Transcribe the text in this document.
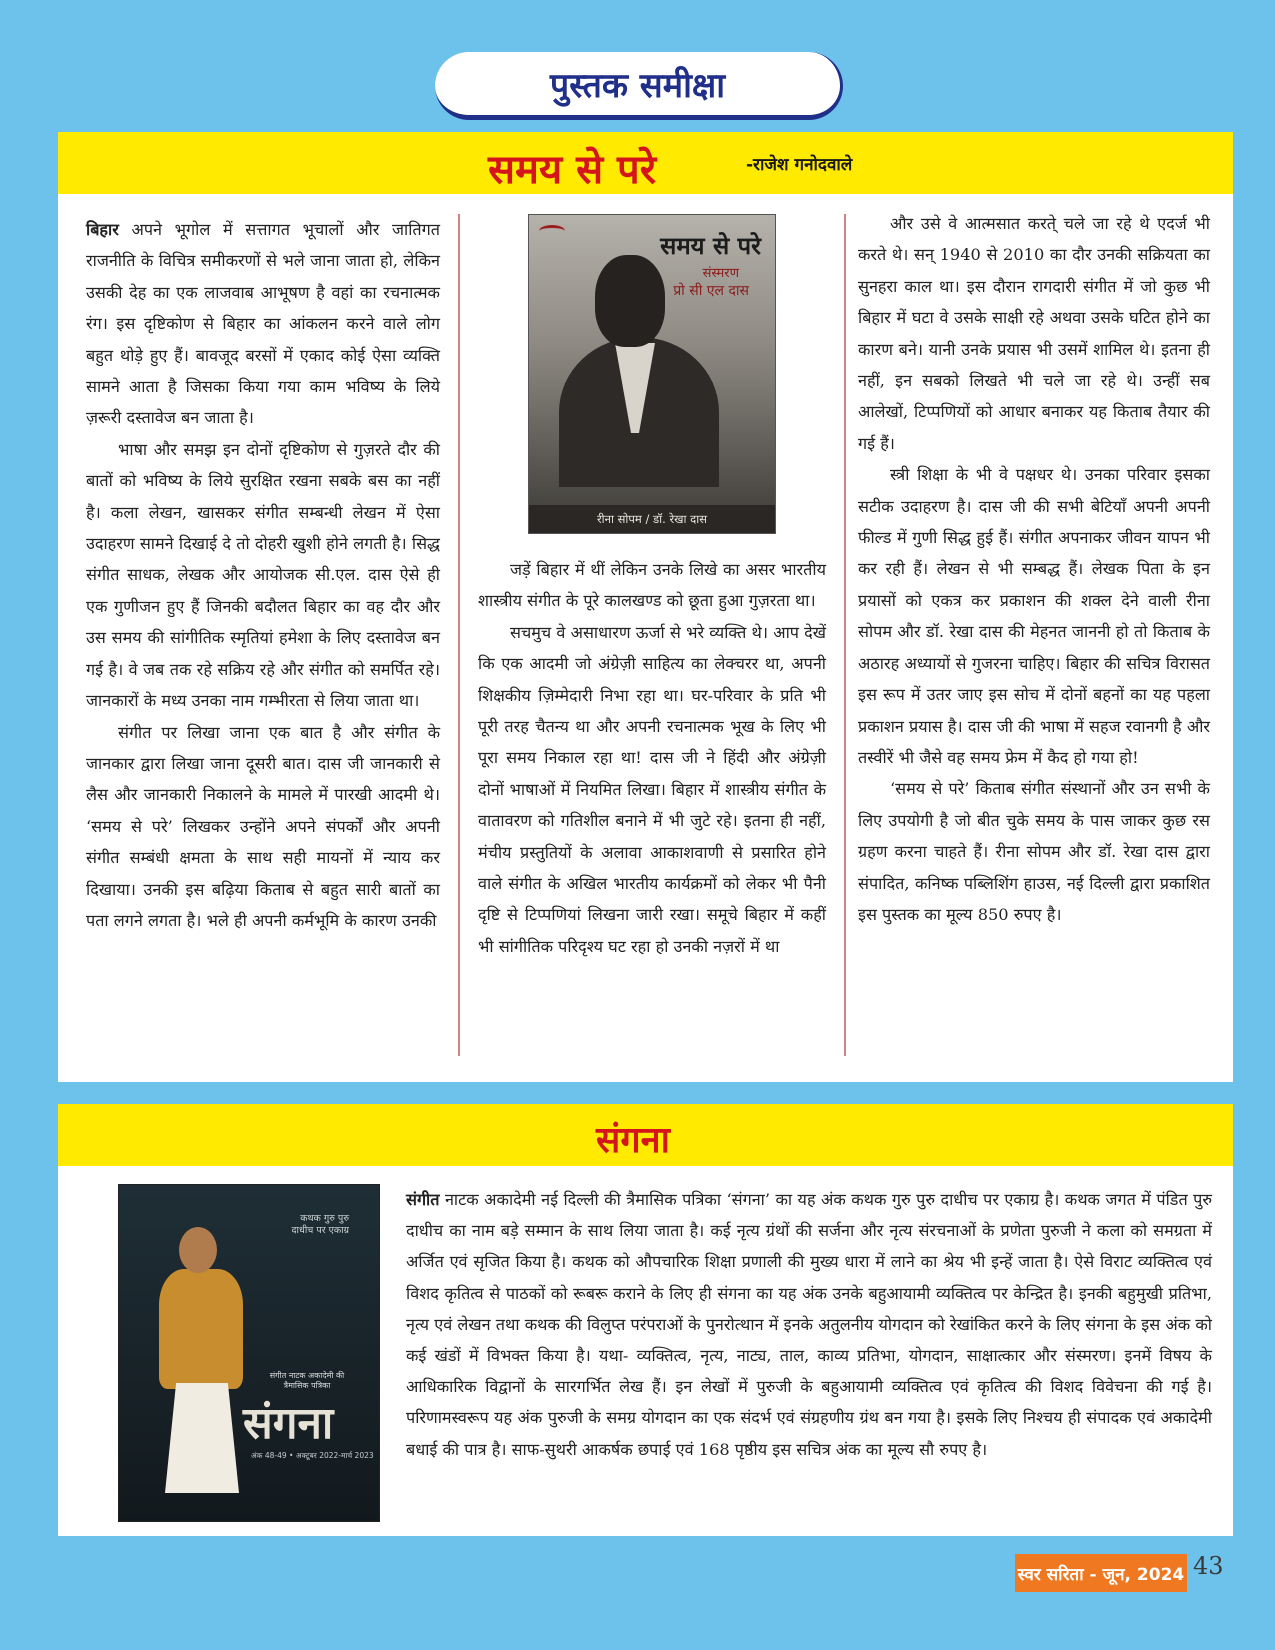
पुस्तक समीक्षा
समय से परे	-राजेश गनोदवाले

बिहार अपने भूगोल में सत्तागत भूचालों और जातिगत राजनीति के विचित्र समीकरणों से भले जाना जाता हो, लेकिन उसकी देह का एक लाजवाब आभूषण है वहां का रचनात्मक रंग। इस दृष्टिकोण से बिहार का आंकलन करने वाले लोग बहुत थोड़े हुए हैं। बावजूद बरसों में एकाद कोई ऐसा व्यक्ति सामने आता है जिसका किया गया काम भविष्य के लिये ज़रूरी दस्तावेज बन जाता है।

भाषा और समझ इन दोनों दृष्टिकोण से गुज़रते दौर की बातों को भविष्य के लिये सुरक्षित रखना सबके बस का नहीं है। कला लेखन, खासकर संगीत सम्बन्धी लेखन में ऐसा उदाहरण सामने दिखाई दे तो दोहरी खुशी होने लगती है। सिद्ध संगीत साधक, लेखक और आयोजक सी.एल. दास ऐसे ही एक गुणीजन हुए हैं जिनकी बदौलत बिहार का वह दौर और उस समय की सांगीतिक स्मृतियां हमेशा के लिए दस्तावेज बन गई है। वे जब तक रहे सक्रिय रहे और संगीत को समर्पित रहे। जानकारों के मध्य उनका नाम गम्भीरता से लिया जाता था।

संगीत पर लिखा जाना एक बात है और संगीत के जानकार द्वारा लिखा जाना दूसरी बात। दास जी जानकारी से लैस और जानकारी निकालने के मामले में पारखी आदमी थे। ‘समय से परे’ लिखकर उन्होंने अपने संपर्कों और अपनी संगीत सम्बंधी क्षमता के साथ सही मायनों में न्याय कर दिखाया। उनकी इस बढ़िया किताब से बहुत सारी बातों का पता लगने लगता है। भले ही अपनी कर्मभूमि के कारण उनकी

समय से परे
संस्मरण
प्रो सी एल दास
रीना सोपम / डॉ. रेखा दास

जड़ें बिहार में थीं लेकिन उनके लिखे का असर भारतीय शास्त्रीय संगीत के पूरे कालखण्ड को छूता हुआ गुज़रता था।

सचमुच वे असाधारण ऊर्जा से भरे व्यक्ति थे। आप देखें कि एक आदमी जो अंग्रेज़ी साहित्य का लेक्चरर था, अपनी शिक्षकीय ज़िम्मेदारी निभा रहा था। घर-परिवार के प्रति भी पूरी तरह चैतन्य था और अपनी रचनात्मक भूख के लिए भी पूरा समय निकाल रहा था! दास जी ने हिंदी और अंग्रेज़ी दोनों भाषाओं में नियमित लिखा। बिहार में शास्त्रीय संगीत के वातावरण को गतिशील बनाने में भी जुटे रहे। इतना ही नहीं, मंचीय प्रस्तुतियों के अलावा आकाशवाणी से प्रसारित होने वाले संगीत के अखिल भारतीय कार्यक्रमों को लेकर भी पैनी दृष्टि से टिप्पणियां लिखना जारी रखा। समूचे बिहार में कहीं भी सांगीतिक परिदृश्य घट रहा हो उनकी नज़रों में था

और उसे वे आत्मसात करते् चले जा रहे थे एदर्ज भी करते थे। सन् 1940 से 2010 का दौर उनकी सक्रियता का सुनहरा काल था। इस दौरान रागदारी संगीत में जो कुछ भी बिहार में घटा वे उसके साक्षी रहे अथवा उसके घटित होने का कारण बने। यानी उनके प्रयास भी उसमें शामिल थे। इतना ही नहीं, इन सबको लिखते भी चले जा रहे थे। उन्हीं सब आलेखों, टिप्पणियों को आधार बनाकर यह किताब तैयार की गई हैं।

स्त्री शिक्षा के भी वे पक्षधर थे। उनका परिवार इसका सटीक उदाहरण है। दास जी की सभी बेटियाँ अपनी अपनी फील्ड में गुणी सिद्ध हुई हैं। संगीत अपनाकर जीवन यापन भी कर रही हैं। लेखन से भी सम्बद्ध हैं। लेखक पिता के इन प्रयासों को एकत्र कर प्रकाशन की शक्ल देने वाली रीना सोपम और डॉ. रेखा दास की मेहनत जाननी हो तो किताब के अठारह अध्यायों से गुजरना चाहिए। बिहार की सचित्र विरासत इस रूप में उतर जाए इस सोच में दोनों बहनों का यह पहला प्रकाशन प्रयास है। दास जी की भाषा में सहज रवानगी है और तस्वीरें भी जैसे वह समय फ्रेम में कैद हो गया हो!

‘समय से परे’ किताब संगीत संस्थानों और उन सभी के लिए उपयोगी है जो बीत चुके समय के पास जाकर कुछ रस ग्रहण करना चाहते हैं। रीना सोपम और डॉ. रेखा दास द्वारा संपादित, कनिष्क पब्लिशिंग हाउस, नई दिल्ली द्वारा प्रकाशित इस पुस्तक का मूल्य 850 रुपए है।

संगना
कथक गुरु पुरु दाधीच पर एकाग्र
संगीत नाटक अकादेमी की त्रैमासिक पत्रिका
संगना
अंक 48-49 • अक्टूबर 2022-मार्च 2023
संगीत नाटक अकादेमी नई दिल्ली की त्रैमासिक पत्रिका ‘संगना’ का यह अंक कथक गुरु पुरु दाधीच पर एकाग्र है। कथक जगत में पंडित पुरु दाधीच का नाम बड़े सम्मान के साथ लिया जाता है। कई नृत्य ग्रंथों की सर्जना और नृत्य संरचनाओं के प्रणेता पुरुजी ने कला को समग्रता में अर्जित एवं सृजित किया है। कथक को औपचारिक शिक्षा प्रणाली की मुख्य धारा में लाने का श्रेय भी इन्हें जाता है। ऐसे विराट व्यक्तित्व एवं विशद कृतित्व से पाठकों को रूबरू कराने के लिए ही संगना का यह अंक उनके बहुआयामी व्यक्तित्व पर केन्द्रित है। इनकी बहुमुखी प्रतिभा, नृत्य एवं लेखन तथा कथक की विलुप्त परंपराओं के पुनरोत्थान में इनके अतुलनीय योगदान को रेखांकित करने के लिए संगना के इस अंक को कई खंडों में विभक्त किया है। यथा- व्यक्तित्व, नृत्य, नाट्य, ताल, काव्य प्रतिभा, योगदान, साक्षात्कार और संस्मरण। इनमें विषय के आधिकारिक विद्वानों के सारगर्भित लेख हैं। इन लेखों में पुरुजी के बहुआयामी व्यक्तित्व एवं कृतित्व की विशद विवेचना की गई है। परिणामस्वरूप यह अंक पुरुजी के समग्र योगदान का एक संदर्भ एवं संग्रहणीय ग्रंथ बन गया है। इसके लिए निश्चय ही संपादक एवं अकादेमी बधाई की पात्र है। साफ-सुथरी आकर्षक छपाई एवं 168 पृष्ठीय इस सचित्र अंक का मूल्य सौ रुपए है।
स्वर सरिता - जून, 2024 43
